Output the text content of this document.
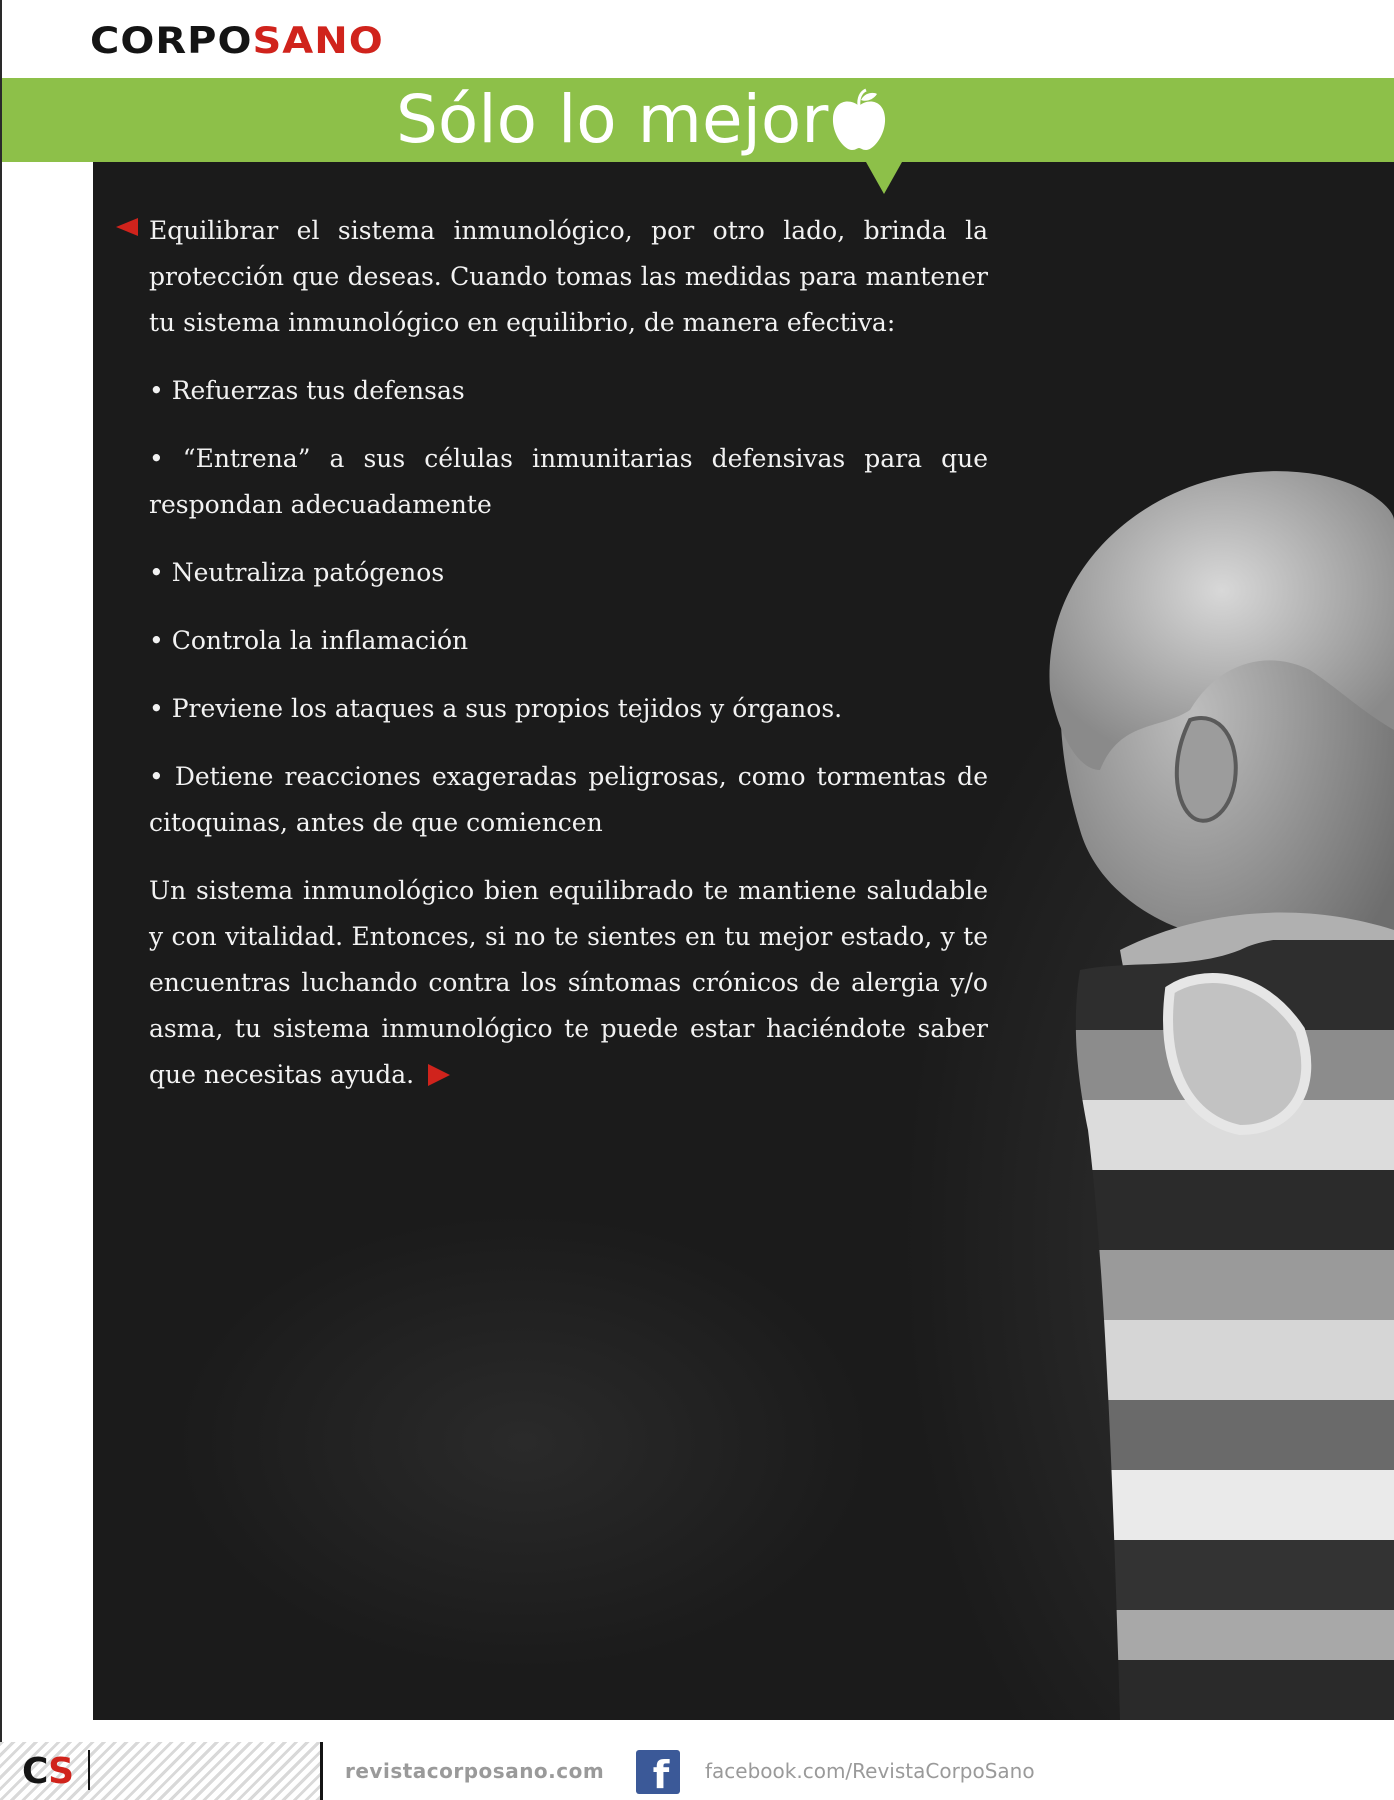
CORPOSANO
Sólo lo mejor

Equilibrar el sistema inmunológico, por otro lado, brinda la protección que deseas. Cuando tomas las medidas para mantener tu sistema inmunológico en equilibrio, de manera efectiva:

• Refuerzas tus defensas

• “Entrena” a sus células inmunitarias defensivas para que respondan adecuadamente

• Neutraliza patógenos

• Controla la inflamación

• Previene los ataques a sus propios tejidos y órganos.

• Detiene reacciones exageradas peligrosas, como tormentas de citoquinas, antes de que comiencen

Un sistema inmunológico bien equilibrado te mantiene saludable y con vitalidad. Entonces, si no te sientes en tu mejor estado, y te encuentras luchando contra los síntomas crónicos de alergia y/o asma, tu sistema inmunológico te puede estar haciéndote saber que necesitas ayuda.

CS	revistacorposano.com	f	facebook.com/RevistaCorpoSano
